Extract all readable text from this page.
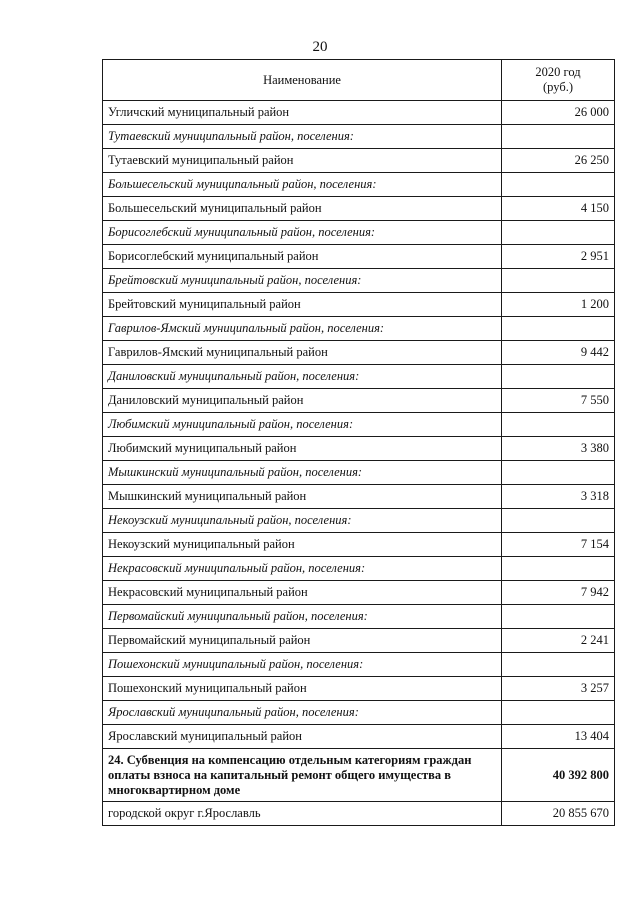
20
Наименование	2020 год
(руб.)
Угличский муниципальный район	26 000
Тутаевский муниципальный район, поселения:	
Тутаевский муниципальный район	26 250
Большесельский муниципальный район, поселения:	
Большесельский муниципальный район	4 150
Борисоглебский муниципальный район, поселения:	
Борисоглебский муниципальный район	2 951
Брейтовский муниципальный район, поселения:	
Брейтовский муниципальный район	1 200
Гаврилов-Ямский муниципальный район, поселения:	
Гаврилов-Ямский муниципальный район	9 442
Даниловский муниципальный район, поселения:	
Даниловский муниципальный район	7 550
Любимский муниципальный район, поселения:	
Любимский муниципальный район	3 380
Мышкинский муниципальный район, поселения:	
Мышкинский муниципальный район	3 318
Некоузский муниципальный район, поселения:	
Некоузский муниципальный район	7 154
Некрасовский муниципальный район, поселения:	
Некрасовский муниципальный район	7 942
Первомайский муниципальный район, поселения:	
Первомайский муниципальный район	2 241
Пошехонский муниципальный район, поселения:	
Пошехонский муниципальный район	3 257
Ярославский муниципальный район, поселения:	
Ярославский муниципальный район	13 404
24. Субвенция на компенсацию отдельным категориям граждан оплаты взноса на капитальный ремонт общего имущества в многоквартирном доме	40 392 800
городской округ г.Ярославль	20 855 670
